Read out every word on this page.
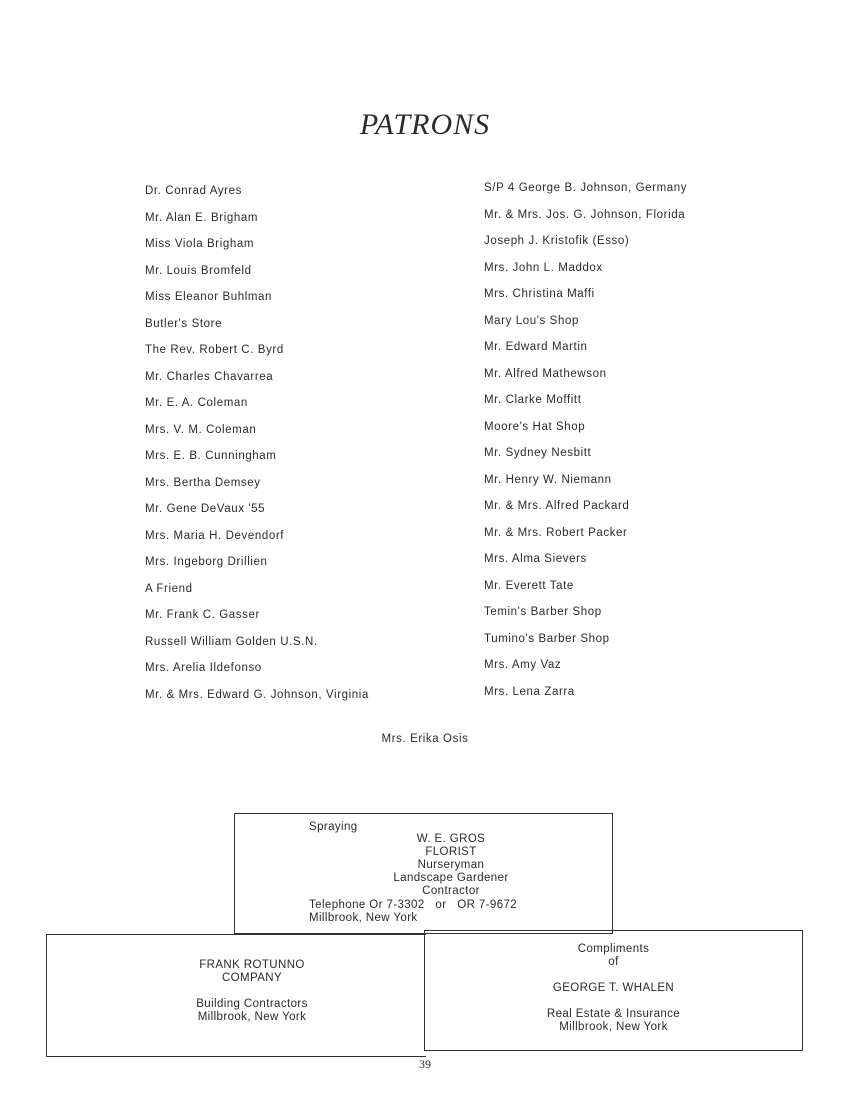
PATRONS
Dr. Conrad Ayres
Mr. Alan E. Brigham
Miss Viola Brigham
Mr. Louis Bromfeld
Miss Eleanor Buhlman
Butler's Store
The Rev. Robert C. Byrd
Mr. Charles Chavarrea
Mr. E. A. Coleman
Mrs. V. M. Coleman
Mrs. E. B. Cunningham
Mrs. Bertha Demsey
Mr. Gene DeVaux '55
Mrs. Maria H. Devendorf
Mrs. Ingeborg Drillien
A Friend
Mr. Frank C. Gasser
Russell William Golden U.S.N.
Mrs. Arelia Ildefonso
Mr. & Mrs. Edward G. Johnson, Virginia
S/P 4 George B. Johnson, Germany
Mr. & Mrs. Jos. G. Johnson, Florida
Joseph J. Kristofik (Esso)
Mrs. John L. Maddox
Mrs. Christina Maffi
Mary Lou's Shop
Mr. Edward Martin
Mr. Alfred Mathewson
Mr. Clarke Moffitt
Moore's Hat Shop
Mr. Sydney Nesbitt
Mr. Henry W. Niemann
Mr. & Mrs. Alfred Packard
Mr. & Mrs. Robert Packer
Mrs. Alma Sievers
Mr. Everett Tate
Temin's Barber Shop
Tumino's Barber Shop
Mrs. Amy Vaz
Mrs. Lena Zarra
Mrs. Erika Osis
Spraying
W. E. GROS
FLORIST
Nurseryman
Landscape Gardener
Contractor
Telephone Or 7-3302   or   OR 7-9672
Millbrook, New York
FRANK ROTUNNO
COMPANY
Building Contractors
Millbrook, New York
Compliments
of
GEORGE T. WHALEN
Real Estate & Insurance
Millbrook, New York
39
